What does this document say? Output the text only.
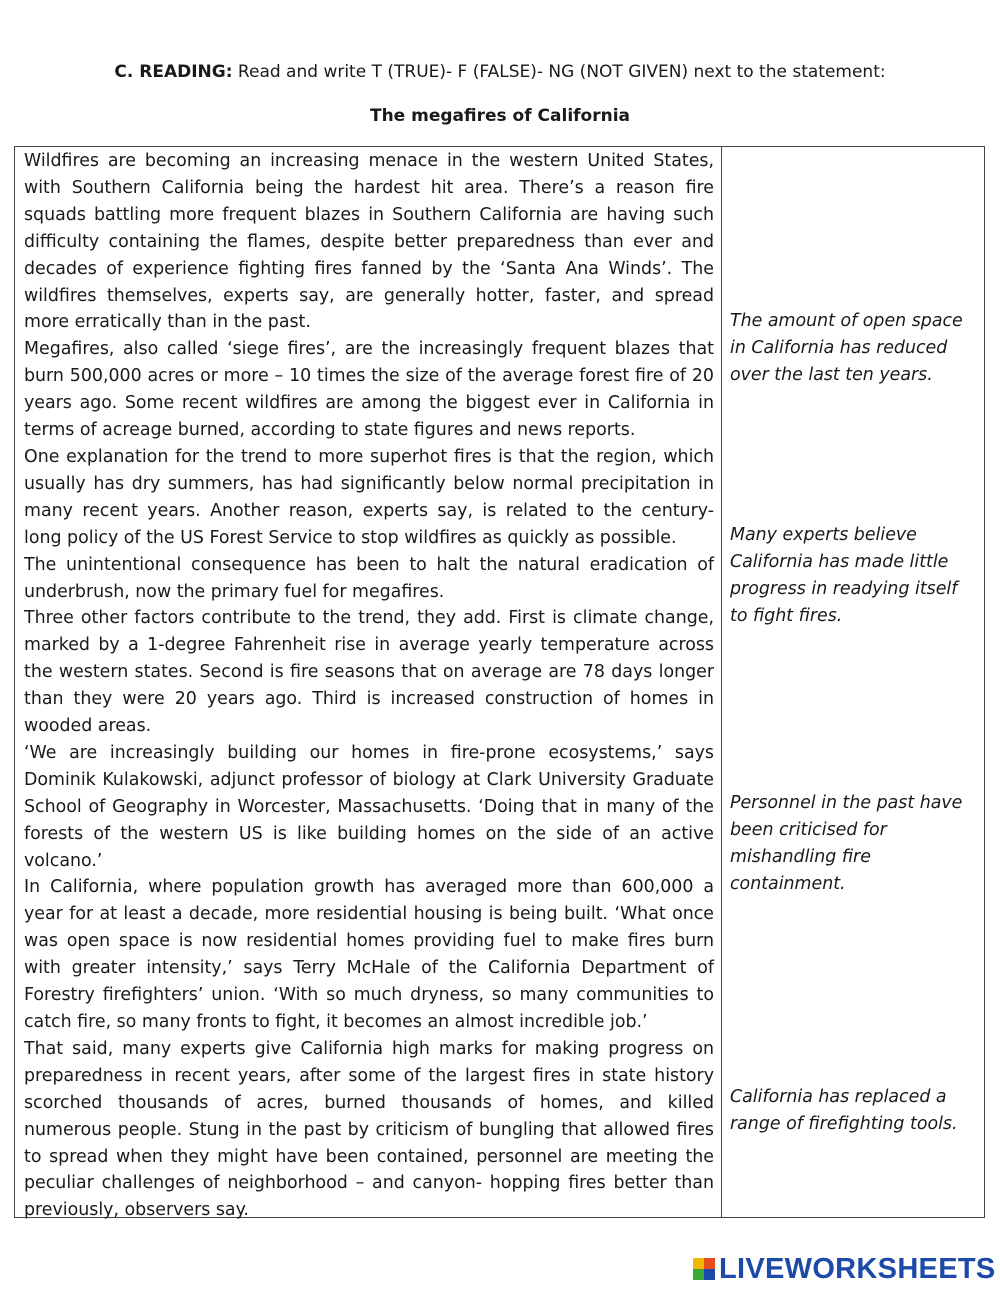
C. READING: Read and write T (TRUE)- F (FALSE)- NG (NOT GIVEN) next to the statement:
The megafires of California

Wildfires are becoming an increasing menace in the western United States, with Southern California being the hardest hit area. There’s a reason fire squads battling more frequent blazes in Southern California are having such difficulty containing the flames, despite better preparedness than ever and decades of experience fighting fires fanned by the ‘Santa Ana Winds’. The wildfires themselves, experts say, are generally hotter, faster, and spread more erratically than in the past.

Megafires, also called ‘siege fires’, are the increasingly frequent blazes that burn 500,000 acres or more – 10 times the size of the average forest fire of 20 years ago. Some recent wildfires are among the biggest ever in California in terms of acreage burned, according to state figures and news reports.

One explanation for the trend to more superhot fires is that the region, which usually has dry summers, has had significantly below normal precipitation in many recent years. Another reason, experts say, is related to the century- long policy of the US Forest Service to stop wildfires as quickly as possible.

The unintentional consequence has been to halt the natural eradication of underbrush, now the primary fuel for megafires.

Three other factors contribute to the trend, they add. First is climate change, marked by a 1-degree Fahrenheit rise in average yearly temperature across the western states. Second is fire seasons that on average are 78 days longer than they were 20 years ago. Third is increased construction of homes in wooded areas.

‘We are increasingly building our homes in fire-prone ecosystems,’ says Dominik Kulakowski, adjunct professor of biology at Clark University Graduate School of Geography in Worcester, Massachusetts. ‘Doing that in many of the forests of the western US is like building homes on the side of an active volcano.’

In California, where population growth has averaged more than 600,000 a year for at least a decade, more residential housing is being built. ‘What once was open space is now residential homes providing fuel to make fires burn with greater intensity,’ says Terry McHale of the California Department of Forestry firefighters’ union. ‘With so much dryness, so many communities to catch fire, so many fronts to fight, it becomes an almost incredible job.’

That said, many experts give California high marks for making progress on preparedness in recent years, after some of the largest fires in state history scorched thousands of acres, burned thousands of homes, and killed numerous people. Stung in the past by criticism of bungling that allowed fires to spread when they might have been contained, personnel are meeting the peculiar challenges of neighborhood – and canyon- hopping fires better than previously, observers say.

The amount of open space in California has reduced over the last ten years.
Many experts believe California has made little progress in readying itself to fight fires.
Personnel in the past have been criticised for mishandling fire containment.
California has replaced a range of firefighting tools.
LIVEWORKSHEETS
